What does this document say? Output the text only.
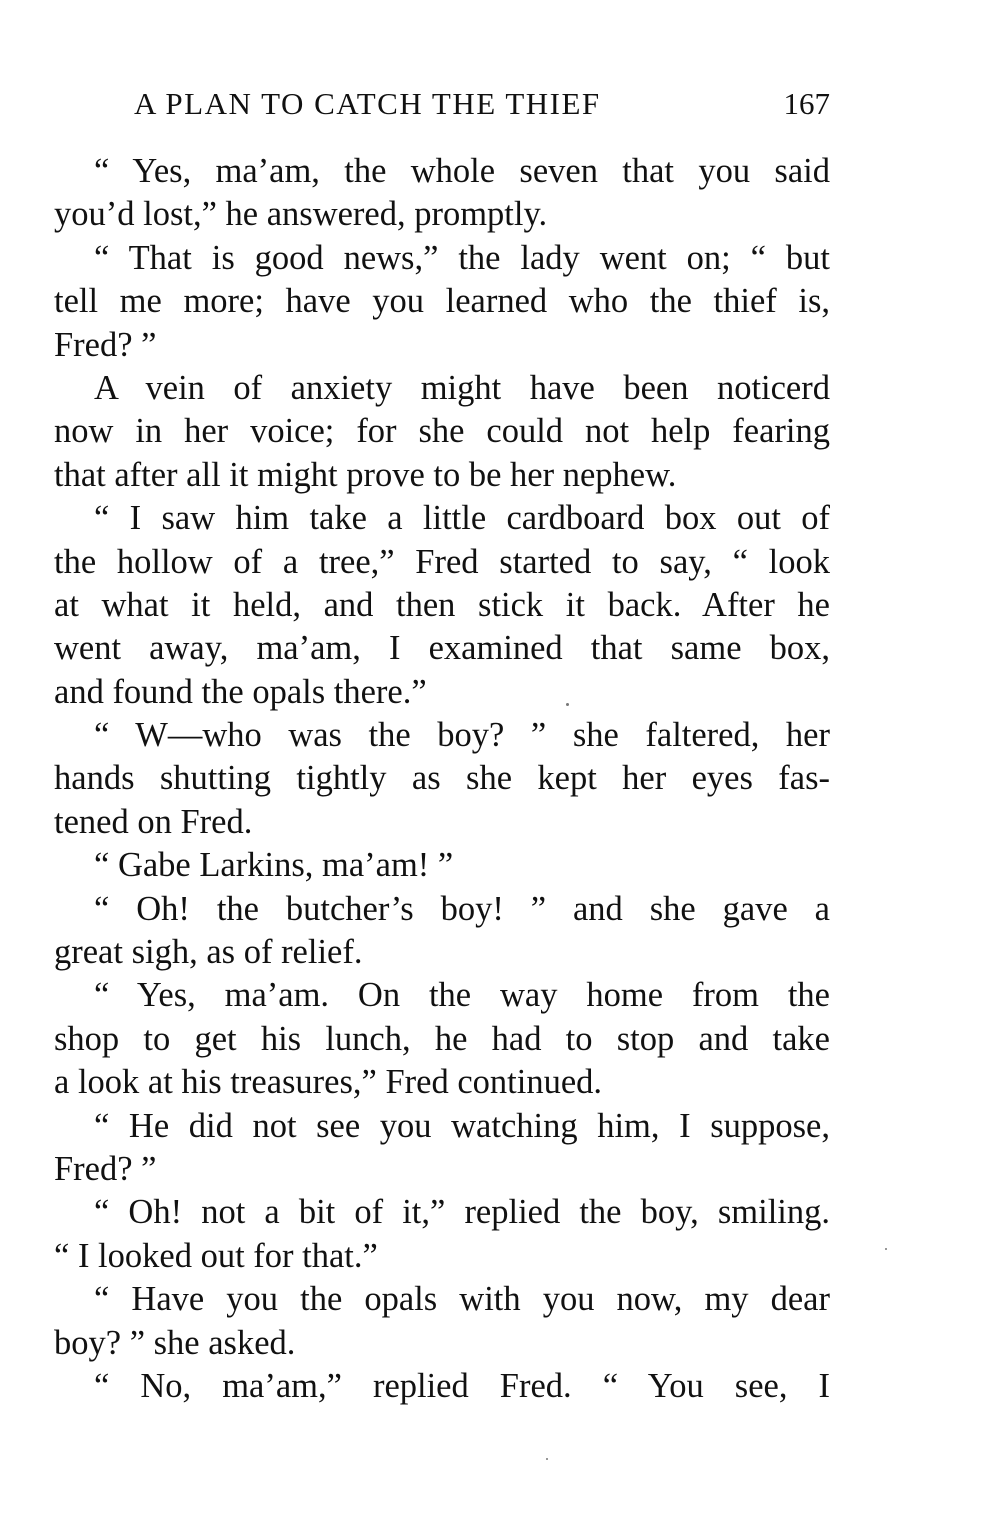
A PLAN TO CATCH THE THIEF	167
“ Yes, ma’am, the whole seven that you said
you’d lost,” he answered, promptly.
“ That is good news,” the lady went on; “ but
tell me more; have you learned who the thief is,
Fred? ”
A vein of anxiety might have been noticerd
now in her voice; for she could not help fearing
that after all it might prove to be her nephew.
“ I saw him take a little cardboard box out of
the hollow of a tree,” Fred started to say, “ look
at what it held, and then stick it back. After he
went away, ma’am, I examined that same box,
and found the opals there.”
“ W—who was the boy? ” she faltered, her
hands shutting tightly as she kept her eyes fas-
tened on Fred.
“ Gabe Larkins, ma’am! ”
“ Oh! the butcher’s boy! ” and she gave a
great sigh, as of relief.
“ Yes, ma’am. On the way home from the
shop to get his lunch, he had to stop and take
a look at his treasures,” Fred continued.
“ He did not see you watching him, I suppose,
Fred? ”
“ Oh! not a bit of it,” replied the boy, smiling.
“ I looked out for that.”
“ Have you the opals with you now, my dear
boy? ” she asked.
“ No, ma’am,” replied Fred. “ You see, I
